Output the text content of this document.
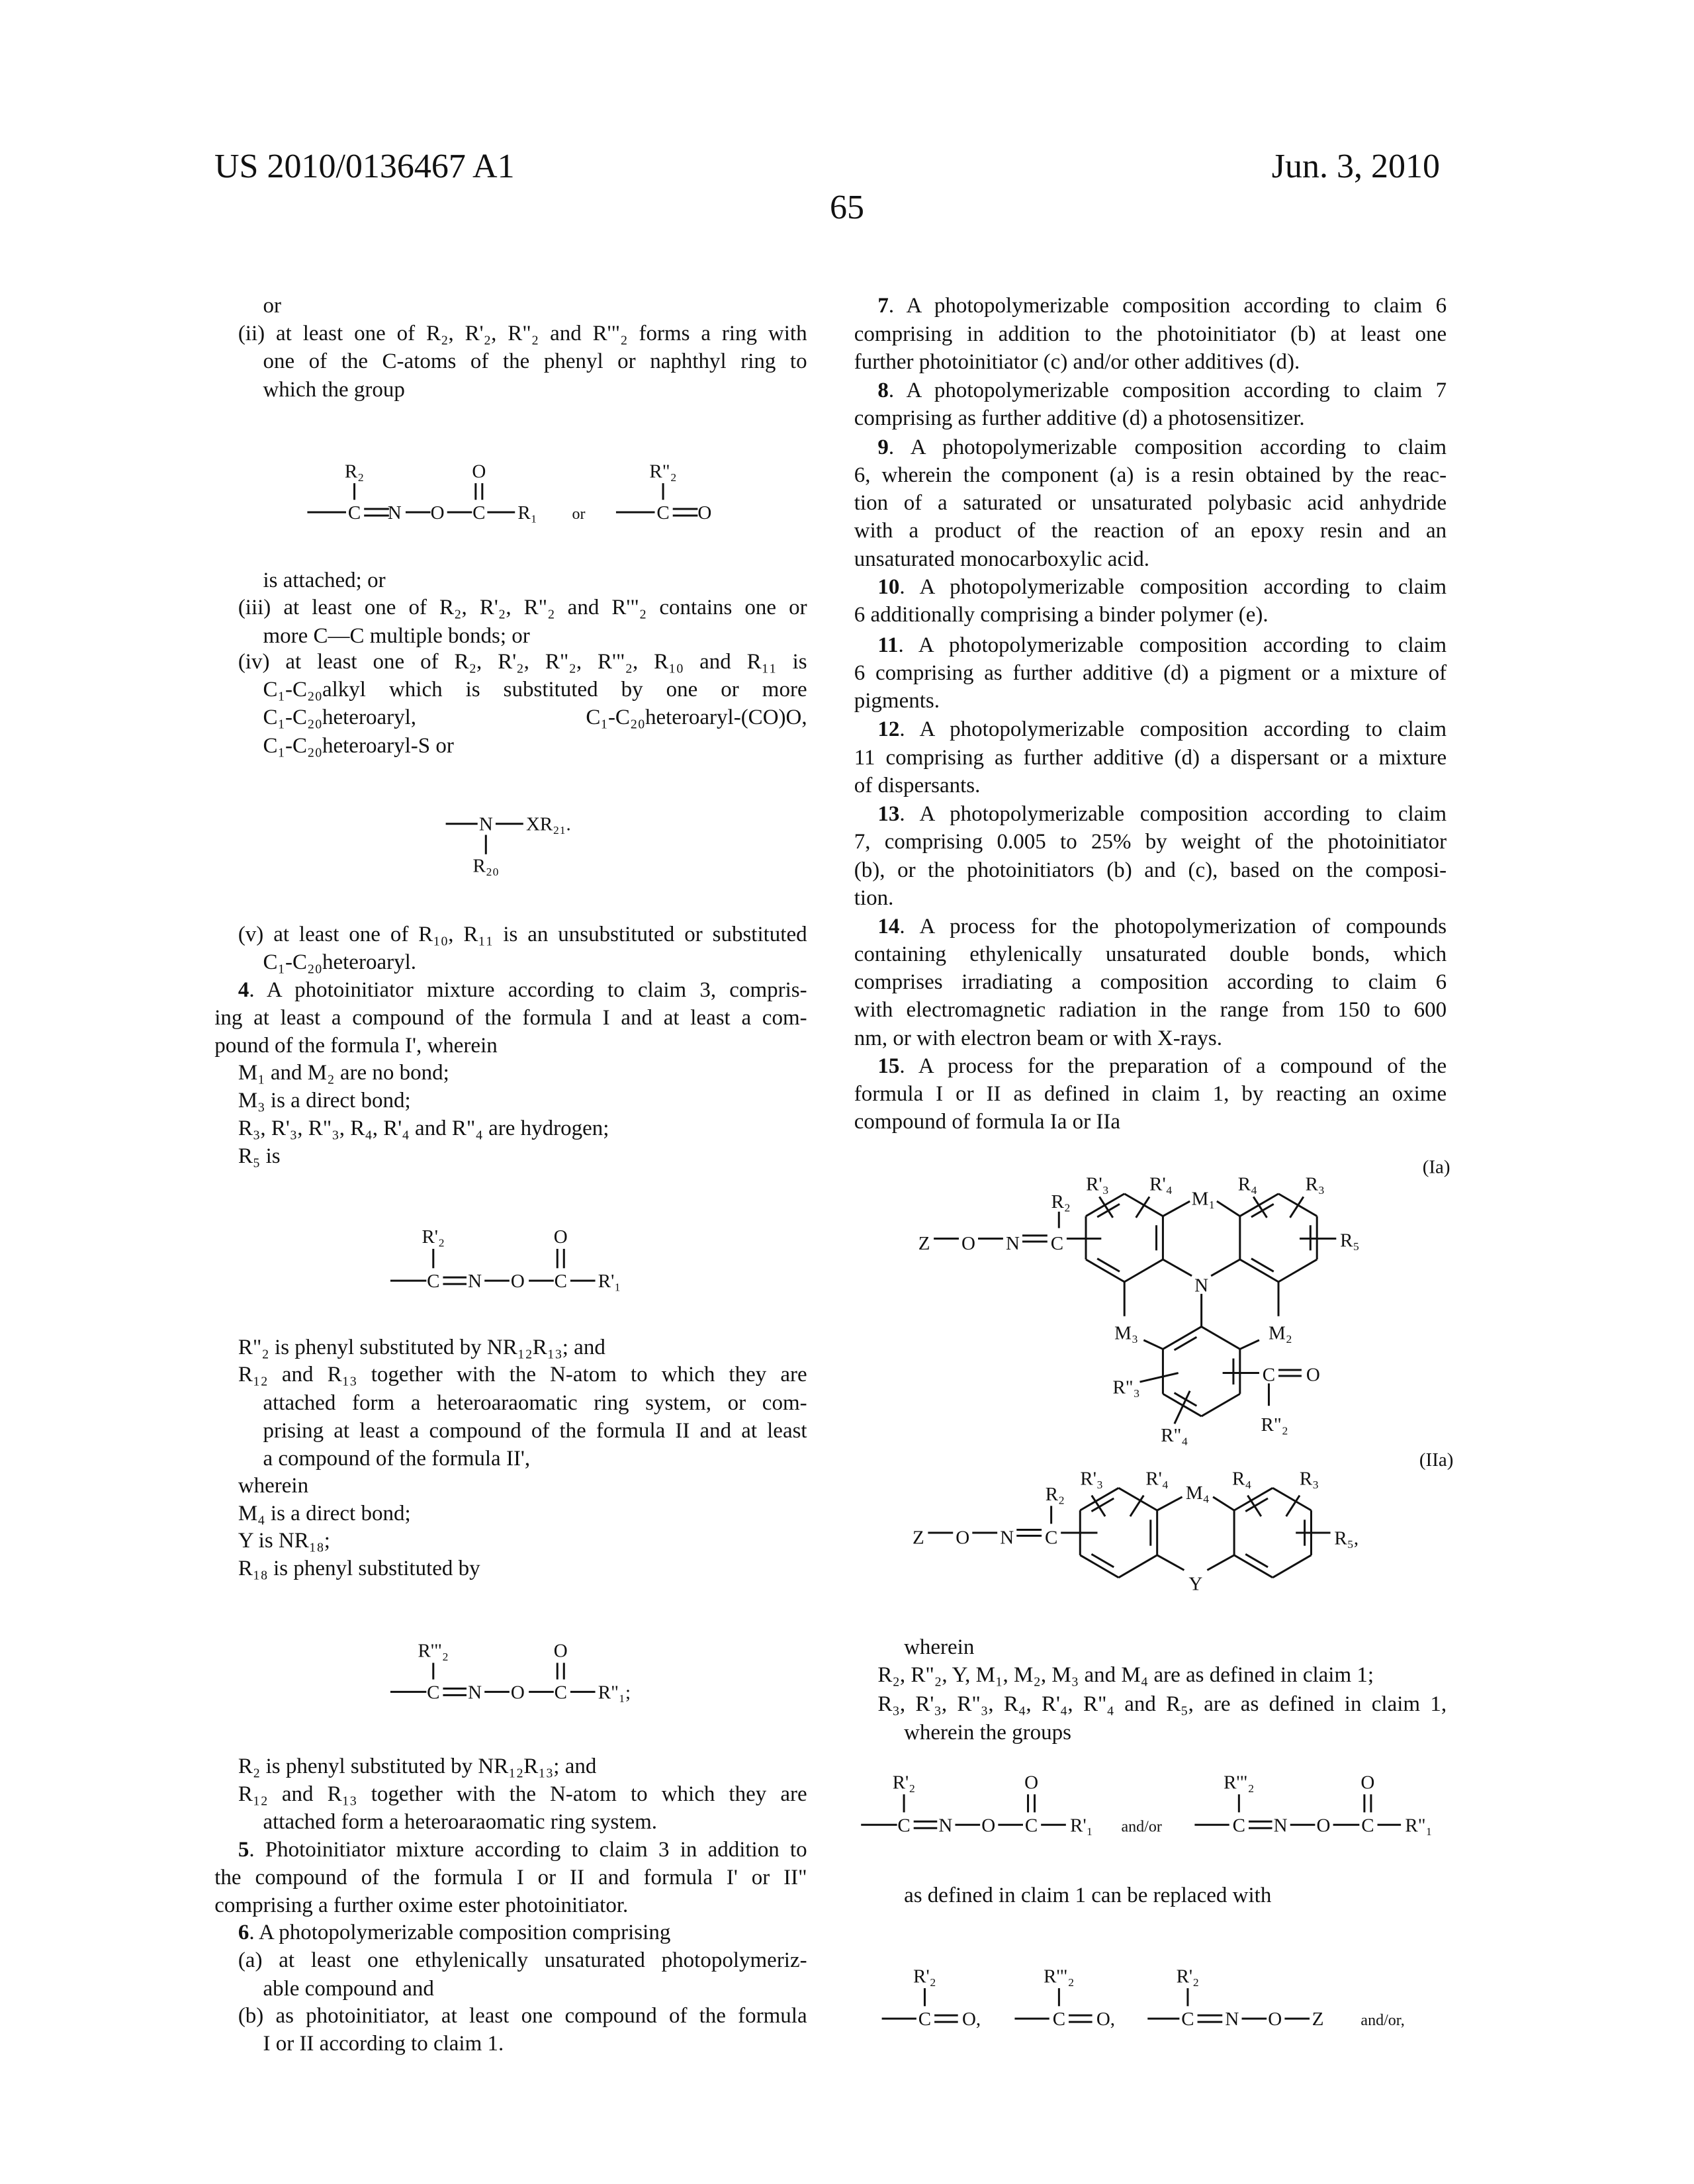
US 2010/0136467 A1	Jun. 3, 2010
65
or
(ii) at least one of R₂, R'₂, R"₂ and R'"₂ forms a ring with
one of the C-atoms of the phenyl or naphthyl ring to
which the group
is attached; or
(iii) at least one of R₂, R'₂, R"₂ and R'"₂ contains one or
more C—C multiple bonds; or
(iv) at least one of R₂, R'₂, R"₂, R'"₂, R₁₀ and R₁₁ is
C₁-C₂₀alkyl which is substituted by one or more
C₁-C₂₀heteroaryl, C₁-C₂₀heteroaryl-(CO)O,
C₁-C₂₀heteroaryl-S or
(v) at least one of R₁₀, R₁₁ is an unsubstituted or substituted
C₁-C₂₀heteroaryl.
4. A photoinitiator mixture according to claim 3, compris-
ing at least a compound of the formula I and at least a com-
pound of the formula I', wherein
M₁ and M₂ are no bond;
M₃ is a direct bond;
R₃, R'₃, R"₃, R₄, R'₄ and R"₄ are hydrogen;
R₅ is
R"₂ is phenyl substituted by NR₁₂R₁₃; and
R₁₂ and R₁₃ together with the N-atom to which they are
attached form a heteroaraomatic ring system, or com-
prising at least a compound of the formula II and at least
a compound of the formula II',
wherein
M₄ is a direct bond;
Y is NR₁₈;
R₁₈ is phenyl substituted by
R₂ is phenyl substituted by NR₁₂R₁₃; and
R₁₂ and R₁₃ together with the N-atom to which they are
attached form a heteroaraomatic ring system.
5. Photoinitiator mixture according to claim 3 in addition to
the compound of the formula I or II and formula I' or II"
comprising a further oxime ester photoinitiator.
6. A photopolymerizable composition comprising
(a) at least one ethylenically unsaturated photopolymeriz-
able compound and
(b) as photoinitiator, at least one compound of the formula
I or II according to claim 1.
7. A photopolymerizable composition according to claim 6
comprising in addition to the photoinitiator (b) at least one
further photoinitiator (c) and/or other additives (d).
8. A photopolymerizable composition according to claim 7
comprising as further additive (d) a photosensitizer.
9. A photopolymerizable composition according to claim
6, wherein the component (a) is a resin obtained by the reac-
tion of a saturated or unsaturated polybasic acid anhydride
with a product of the reaction of an epoxy resin and an
unsaturated monocarboxylic acid.
10. A photopolymerizable composition according to claim
6 additionally comprising a binder polymer (e).
11. A photopolymerizable composition according to claim
6 comprising as further additive (d) a pigment or a mixture of
pigments.
12. A photopolymerizable composition according to claim
11 comprising as further additive (d) a dispersant or a mixture
of dispersants.
13. A photopolymerizable composition according to claim
7, comprising 0.005 to 25% by weight of the photoinitiator
(b), or the photoinitiators (b) and (c), based on the composi-
tion.
14. A process for the photopolymerization of compounds
containing ethylenically unsaturated double bonds, which
comprises irradiating a composition according to claim 6
with electromagnetic radiation in the range from 150 to 600
nm, or with electron beam or with X-rays.
15. A process for the preparation of a compound of the
formula I or II as defined in claim 1, by reacting an oxime
compound of formula Ia or IIa
wherein
R₂, R"₂, Y, M₁, M₂, M₃ and M₄ are as defined in claim 1;
R₃, R'₃, R"₃, R₄, R'₄, R"₄ and R₅, are as defined in claim 1,
wherein the groups
as defined in claim 1 can be replaced with
C N O C R₁ or	C O
R₂	O	R"₂
N XR₂₁.
R₂₀
C N O C R'₁
R'₂	O
C N O C R"₁;
R'"₂	O
C N O C R'₁ and/or	C N O C R"₁
R'₂	O	R'"₂	O
C O,	C O,	C N O Z and/or,
R'₂	R'"₂	R'₂
(Ia)
Z O N C
R₂
R'₃ R'₄	R₄ R₃
M₁
N
R₅
M₃	M₂
C O
R"₂
R"₃
R"₄
(IIa)
Z O N C
R₂
R'₃ R'₄	R₄ R₃
M₄
Y
R₅,
